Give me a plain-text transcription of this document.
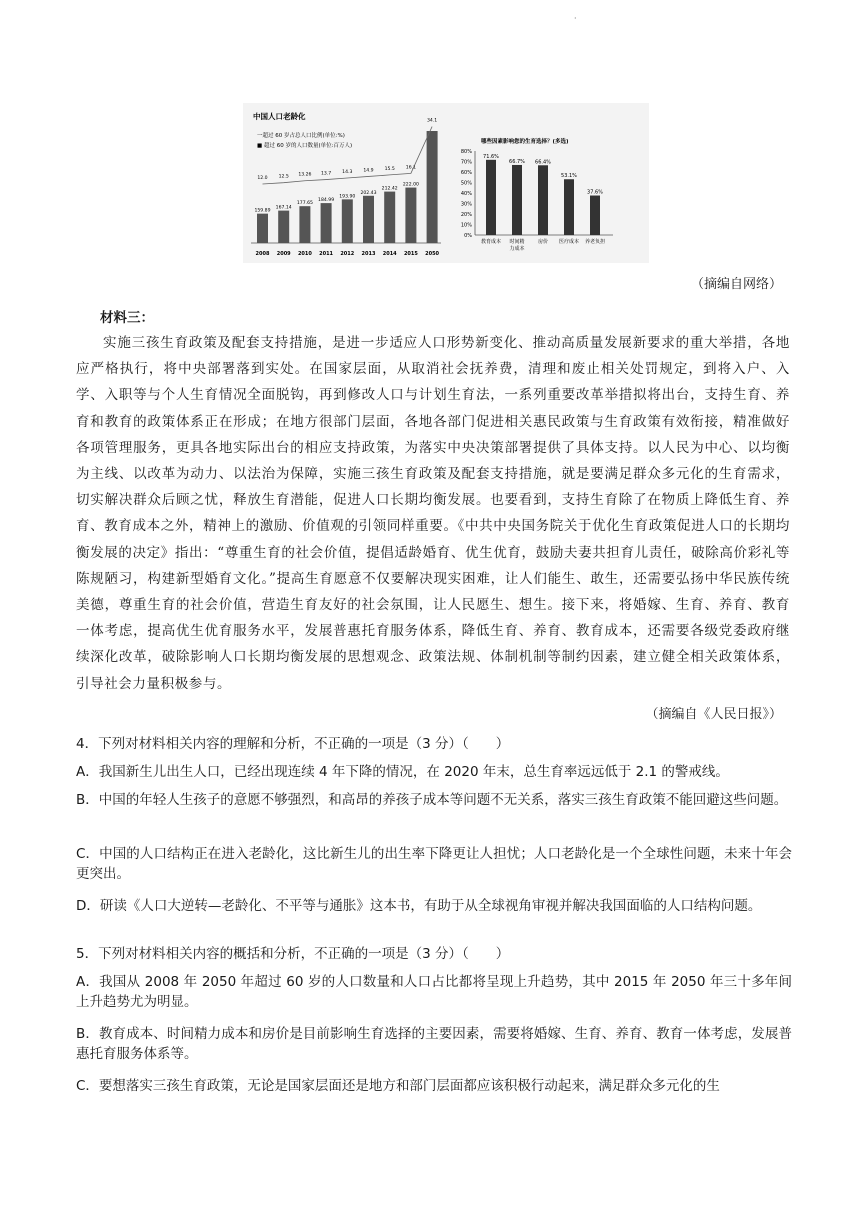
·
中国人口老龄化
一超过 60 岁占总人口比例(单位:%)
■ 超过 60 岁的人口数量(单位:百万人)
159.89
12.0
2008
167.14
12.5
2009
177.65
13.26
2010
184.99
13.7
2011
193.90
14.3
2012
202.43
14.9
2013
212.42
15.5
2014
222.00
16.1
2015
34.1
2050
哪些因素影响您的生育选择？(多选)
80%
70%
60%
50%
40%
30%
20%
10%
0%
71.6%
教育成本
66.7%
时间精
66.4%
房价
53.1%
医疗成本
37.6%
养老负担
力成本
（摘编自网络）
材料三：

实施三孩生育政策及配套支持措施，是进一步适应人口形势新变化、推动高质量发展新要求的重大举措，各地应严格执行，将中央部署落到实处。在国家层面，从取消社会抚养费，清理和废止相关处罚规定，到将入户、入学、入职等与个人生育情况全面脱钩，再到修改人口与计划生育法，一系列重要改革举措拟将出台，支持生育、养育和教育的政策体系正在形成；在地方很部门层面，各地各部门促进相关惠民政策与生育政策有效衔接，精准做好各项管理服务，更具各地实际出台的相应支持政策，为落实中央决策部署提供了具体支持。以人民为中心、以均衡为主线、以改革为动力、以法治为保障，实施三孩生育政策及配套支持措施，就是要满足群众多元化的生育需求，切实解决群众后顾之忧，释放生育潜能，促进人口长期均衡发展。也要看到，支持生育除了在物质上降低生育、养育、教育成本之外，精神上的激励、价值观的引领同样重要。《中共中央国务院关于优化生育政策促进人口的长期均衡发展的决定》指出：“尊重生育的社会价值，提倡适龄婚育、优生优育，鼓励夫妻共担育儿责任，破除高价彩礼等陈规陋习，构建新型婚育文化。”提高生育愿意不仅要解决现实困难，让人们能生、敢生，还需要弘扬中华民族传统美德，尊重生育的社会价值，营造生育友好的社会氛围，让人民愿生、想生。接下来，将婚嫁、生育、养育、教育一体考虑，提高优生优育服务水平，发展普惠托育服务体系，降低生育、养育、教育成本，还需要各级党委政府继续深化改革，破除影响人口长期均衡发展的思想观念、政策法规、体制机制等制约因素，建立健全相关政策体系，引导社会力量积极参与。

（摘编自《人民日报》）

4．下列对材料相关内容的理解和分析，不正确的一项是（3 分）（　　）

A．我国新生儿出生人口，已经出现连续 4 年下降的情况，在 2020 年末，总生育率远远低于 2.1 的警戒线。

B．中国的年轻人生孩子的意愿不够强烈，和高昂的养孩子成本等问题不无关系，落实三孩生育政策不能回避这些问题。

C．中国的人口结构正在进入老龄化，这比新生儿的出生率下降更让人担忧；人口老龄化是一个全球性问题，未来十年会更突出。

D．研读《人口大逆转—老龄化、不平等与通胀》这本书，有助于从全球视角审视并解决我国面临的人口结构问题。

5．下列对材料相关内容的概括和分析，不正确的一项是（3 分）（　　）

A．我国从 2008 年 2050 年超过 60 岁的人口数量和人口占比都将呈现上升趋势，其中 2015 年 2050 年三十多年间上升趋势尤为明显。

B．教育成本、时间精力成本和房价是目前影响生育选择的主要因素，需要将婚嫁、生育、养育、教育一体考虑，发展普惠托育服务体系等。

C．要想落实三孩生育政策，无论是国家层面还是地方和部门层面都应该积极行动起来，满足群众多元化的生
